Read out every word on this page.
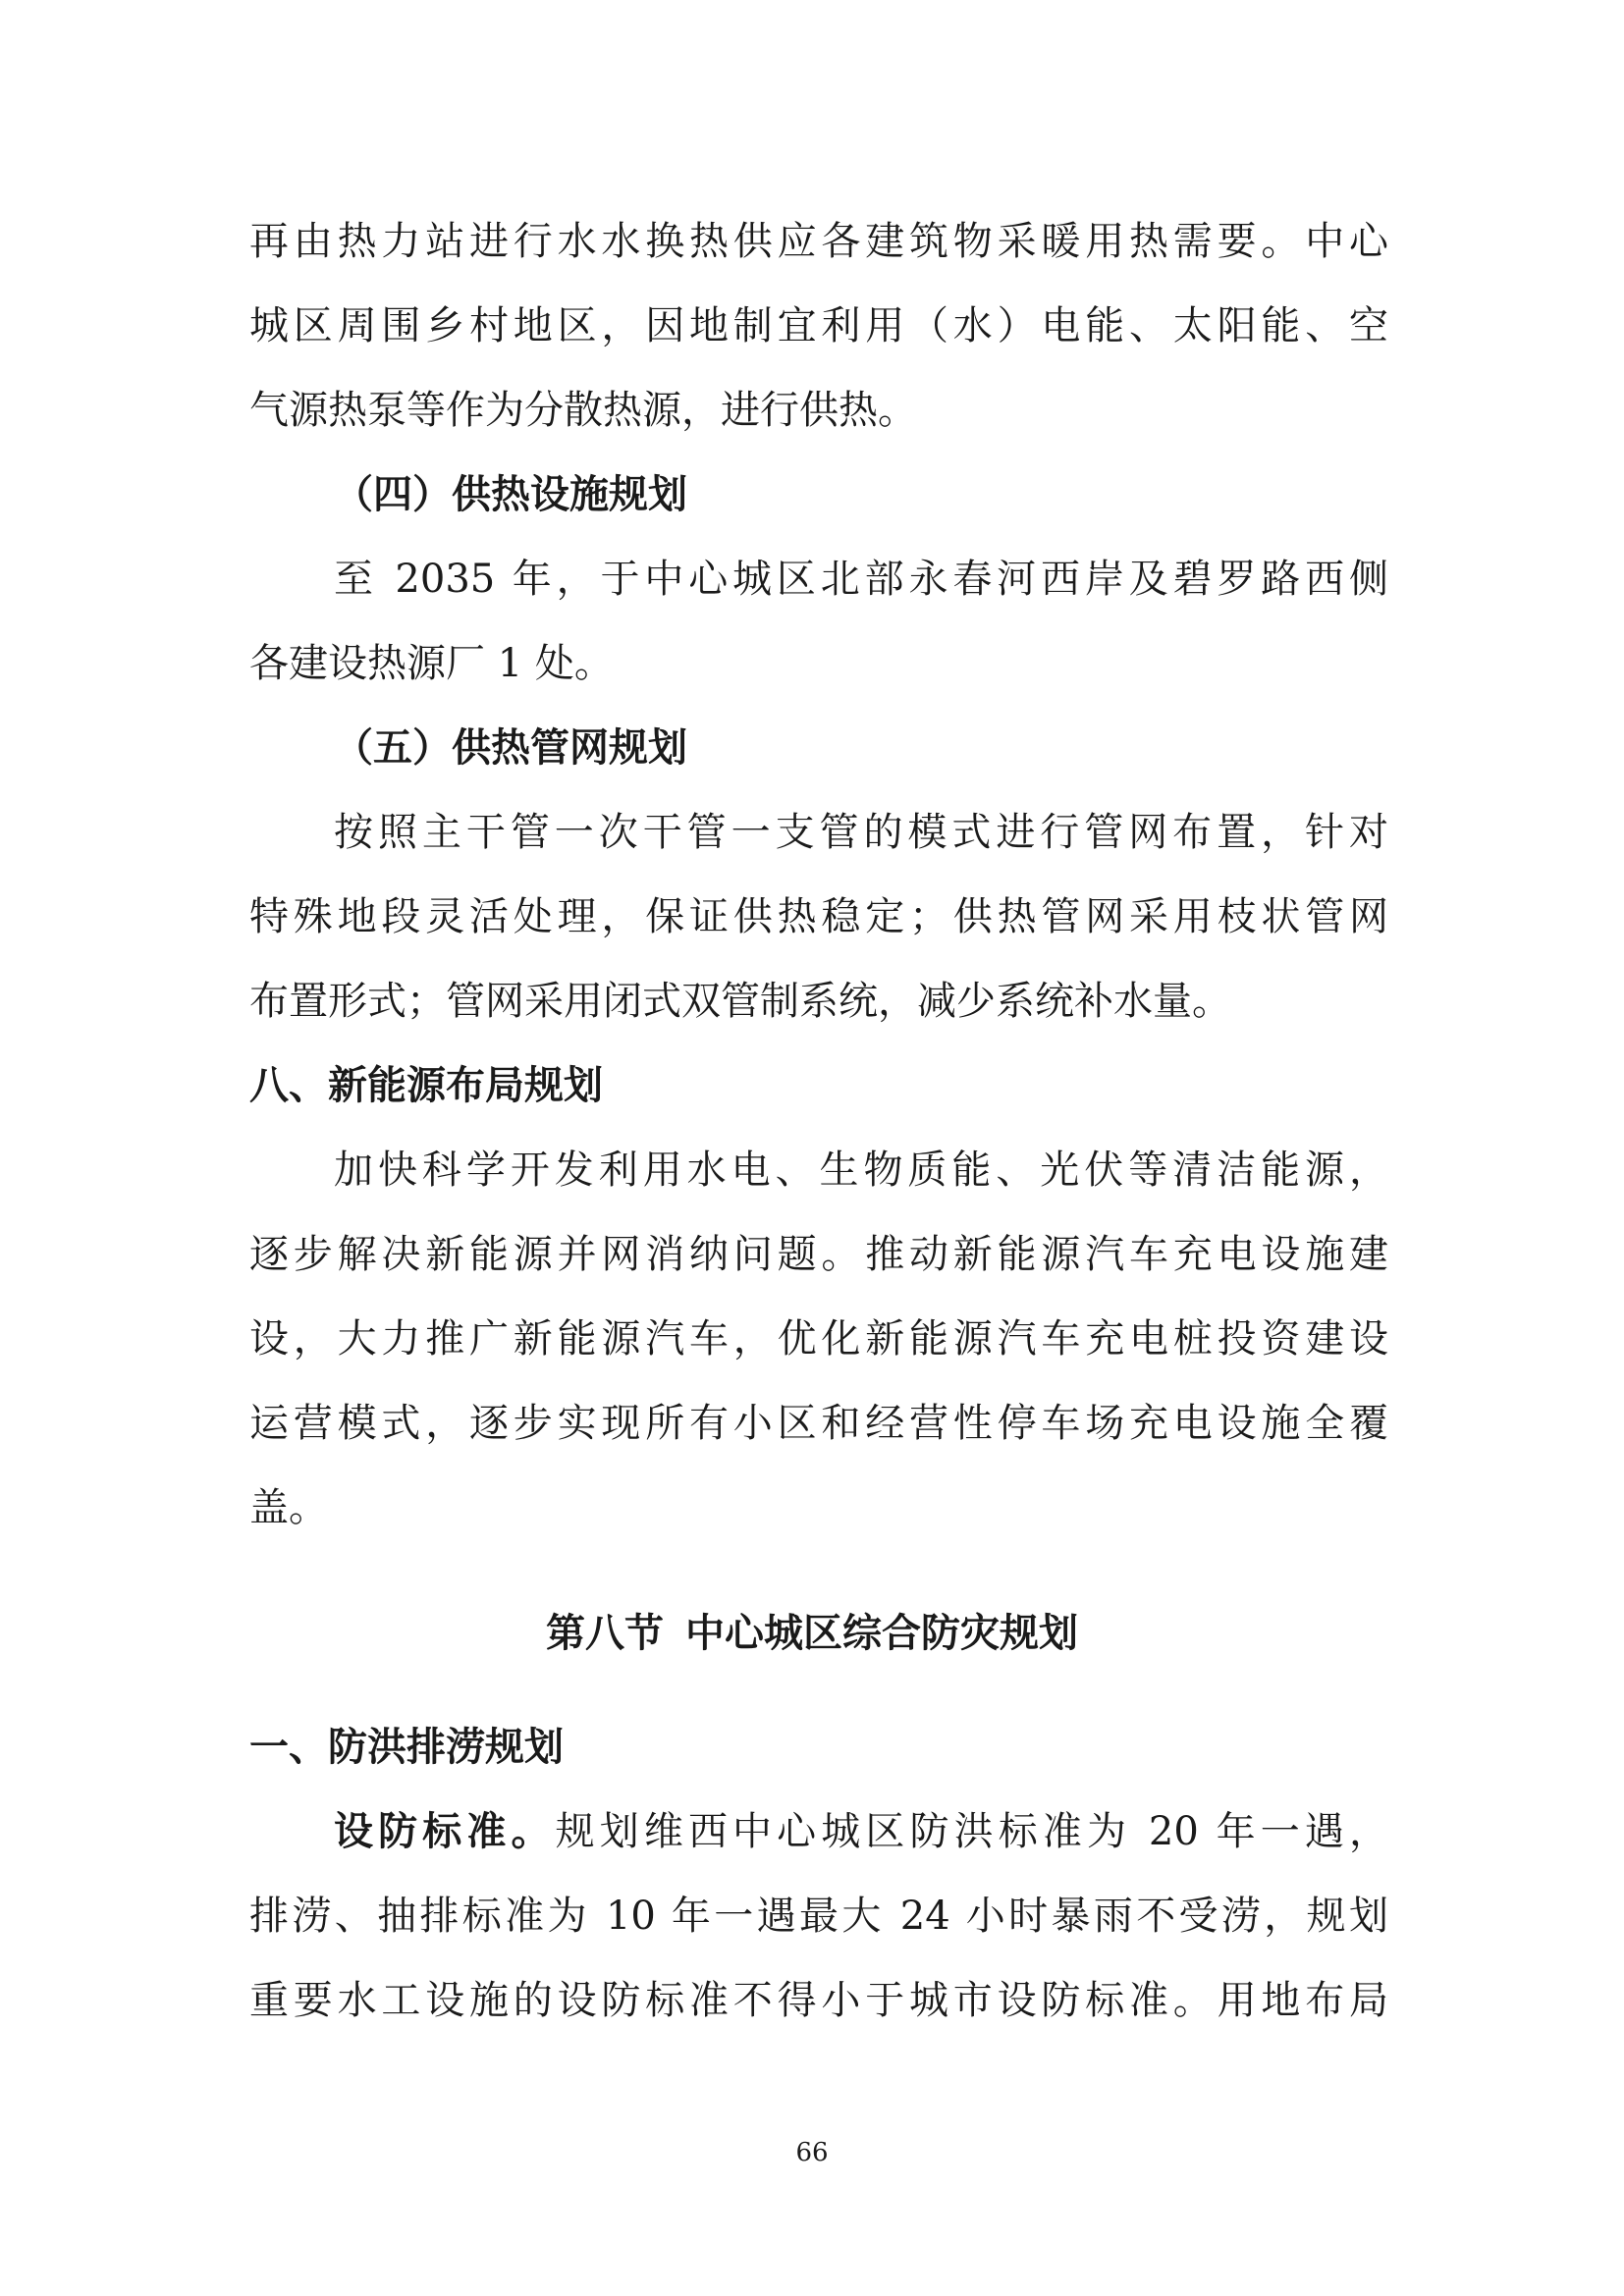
再由热力站进行水水换热供应各建筑物采暖用热需要。中心
城区周围乡村地区，因地制宜利用（水）电能、太阳能、空
气源热泵等作为分散热源，进行供热。
（四）供热设施规划
至 2035 年，于中心城区北部永春河西岸及碧罗路西侧
各建设热源厂 1 处。
（五）供热管网规划
按照主干管一次干管一支管的模式进行管网布置，针对
特殊地段灵活处理，保证供热稳定；供热管网采用枝状管网
布置形式；管网采用闭式双管制系统，减少系统补水量。
八、新能源布局规划
加快科学开发利用水电、生物质能、光伏等清洁能源，
逐步解决新能源并网消纳问题。推动新能源汽车充电设施建
设，大力推广新能源汽车，优化新能源汽车充电桩投资建设
运营模式，逐步实现所有小区和经营性停车场充电设施全覆
盖。
第八节 中心城区综合防灾规划
一、防洪排涝规划
设防标准。规划维西中心城区防洪标准为 20 年一遇，
排涝、抽排标准为 10 年一遇最大 24 小时暴雨不受涝，规划
重要水工设施的设防标准不得小于城市设防标准。用地布局
66
